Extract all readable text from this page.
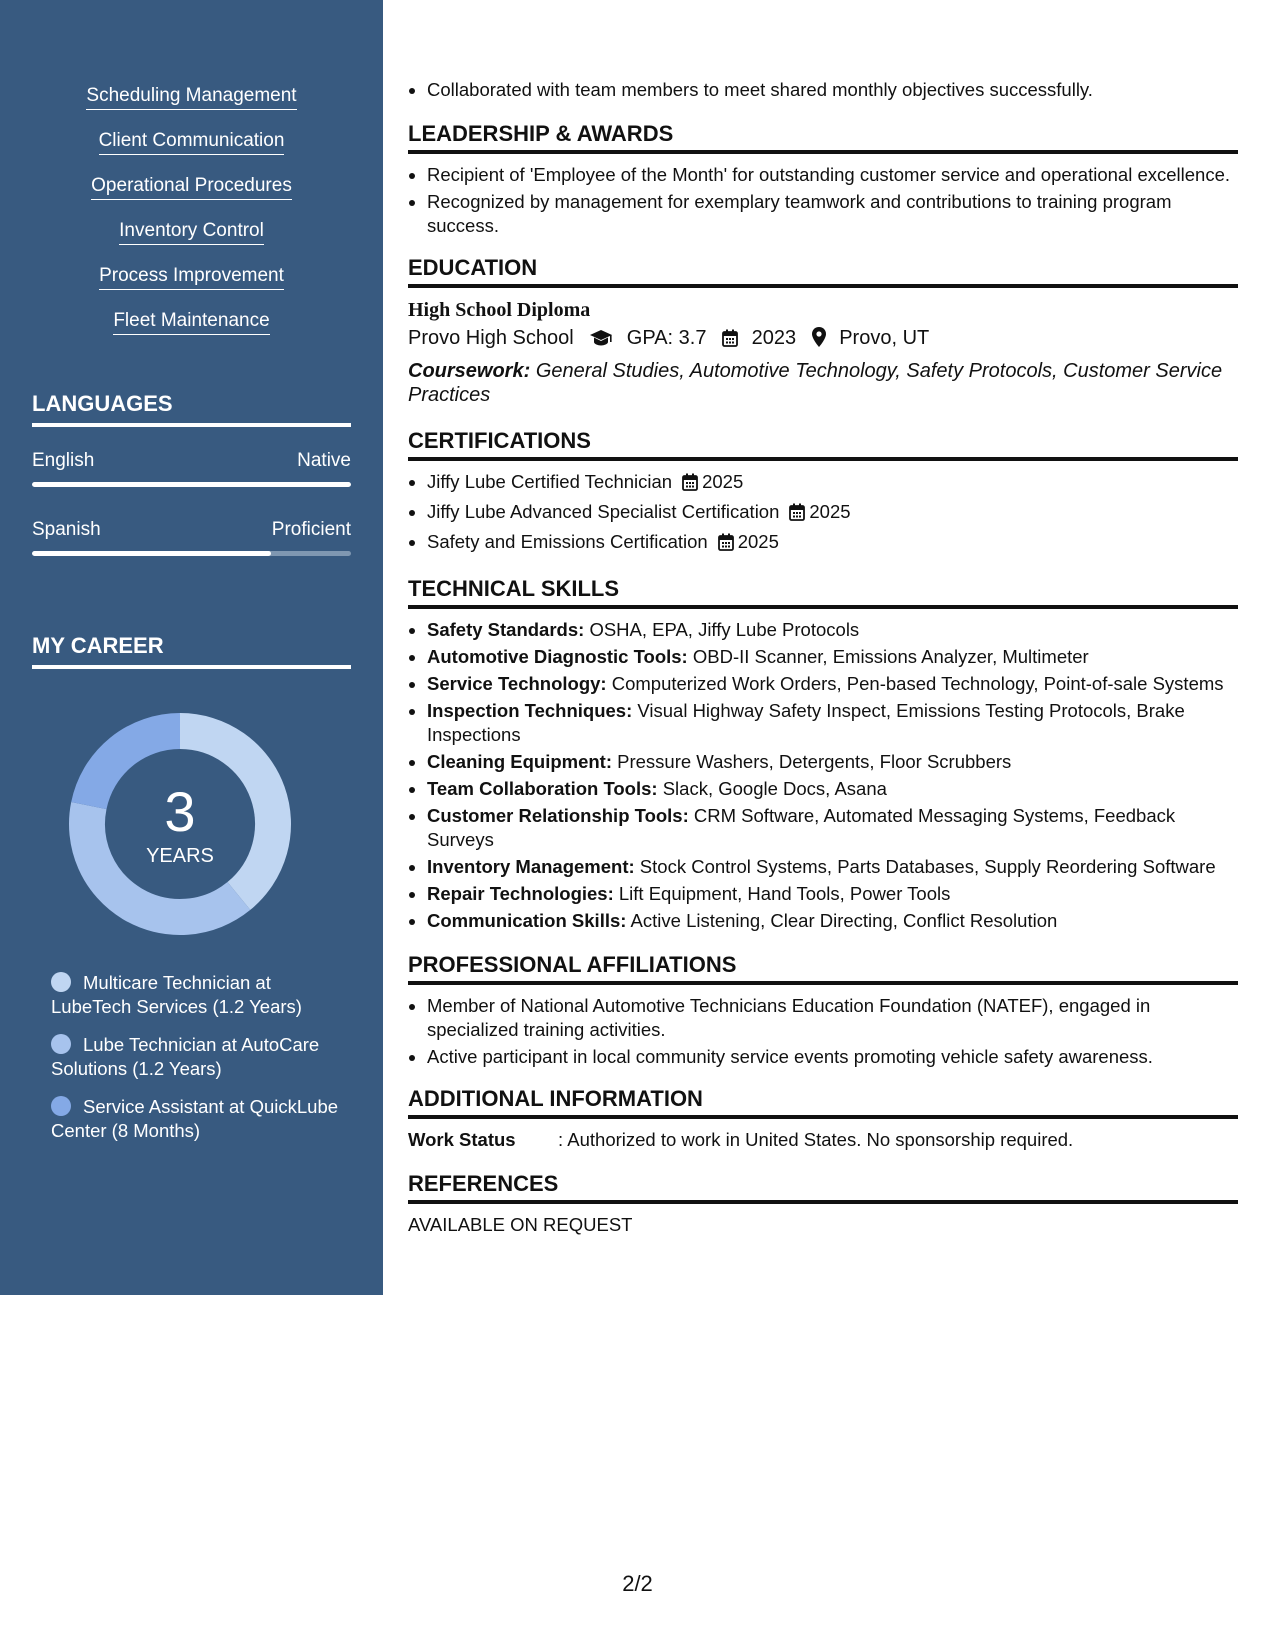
Scheduling Management
Client Communication
Operational Procedures
Inventory Control
Process Improvement
Fleet Maintenance
LANGUAGES
English	Native
Spanish	Proficient
MY CAREER
3
YEARS
Multicare Technician at LubeTech Services (1.2 Years)
Lube Technician at AutoCare Solutions (1.2 Years)
Service Assistant at QuickLube Center (8 Months)
• Collaborated with team members to meet shared monthly objectives successfully.
LEADERSHIP & AWARDS
• Recipient of 'Employee of the Month' for outstanding customer service and operational excellence.
• Recognized by management for exemplary teamwork and contributions to training program success.
EDUCATION
High School Diploma
Provo High School	GPA: 3.7 2023 Provo, UT
Coursework: General Studies, Automotive Technology, Safety Protocols, Customer Service Practices
CERTIFICATIONS
• Jiffy Lube Certified Technician 2025
• Jiffy Lube Advanced Specialist Certification 2025
• Safety and Emissions Certification 2025
TECHNICAL SKILLS
• Safety Standards: OSHA, EPA, Jiffy Lube Protocols
• Automotive Diagnostic Tools: OBD-II Scanner, Emissions Analyzer, Multimeter
• Service Technology: Computerized Work Orders, Pen-based Technology, Point-of-sale Systems
• Inspection Techniques: Visual Highway Safety Inspect, Emissions Testing Protocols, Brake Inspections
• Cleaning Equipment: Pressure Washers, Detergents, Floor Scrubbers
• Team Collaboration Tools: Slack, Google Docs, Asana
• Customer Relationship Tools: CRM Software, Automated Messaging Systems, Feedback Surveys
• Inventory Management: Stock Control Systems, Parts Databases, Supply Reordering Software
• Repair Technologies: Lift Equipment, Hand Tools, Power Tools
• Communication Skills: Active Listening, Clear Directing, Conflict Resolution
PROFESSIONAL AFFILIATIONS
• Member of National Automotive Technicians Education Foundation (NATEF), engaged in specialized training activities.
• Active participant in local community service events promoting vehicle safety awareness.
ADDITIONAL INFORMATION
Work Status : Authorized to work in United States. No sponsorship required.
REFERENCES
AVAILABLE ON REQUEST
2/2
